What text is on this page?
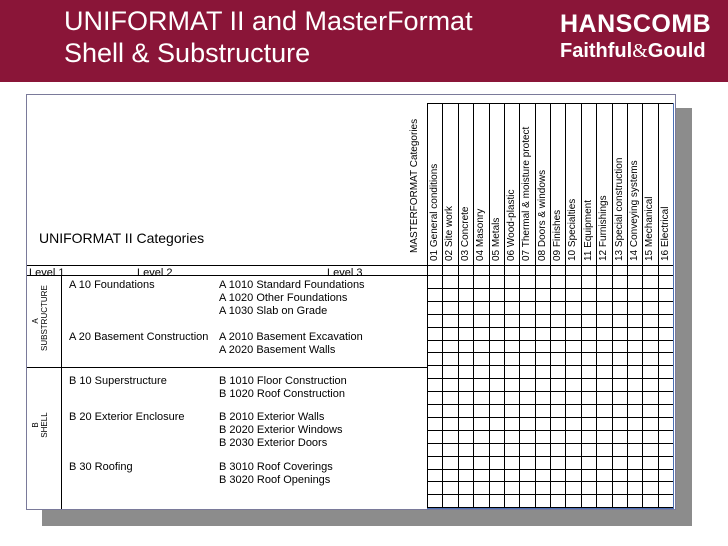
UNIFORMAT II and MasterFormat
Shell & Substructure
HANSCOMB
Faithful&Gould
UNIFORMAT II Categories
Level 1	Level 2	Level 3
MASTERFORMAT Categories 01 General conditions 02 Site work 03 Concrete 04 Masonry 05 Metals 06 Wood-plastic 07 Thermal & moisture protect 08 Doors & windows 09 Finishes 10 Specialties 11 Equipment 12 Furnishings 13 Special construction 14 Conveying systems 15 Mechanical 16 Electrical
A SUBSTRUCTURE
A 10 Foundations	A 1010 Standard Foundations
A 1020 Other Foundations
A 1030 Slab on Grade
A 20 Basement Construction A 2010 Basement Excavation
A 2020 Basement Walls
B SHELL
B 10 Superstructure	B 1010 Floor Construction
B 1020 Roof Construction
B 20 Exterior Enclosure	B 2010 Exterior Walls
B 2020 Exterior Windows
B 2030 Exterior Doors
B 30 Roofing	B 3010 Roof Coverings
B 3020 Roof Openings
